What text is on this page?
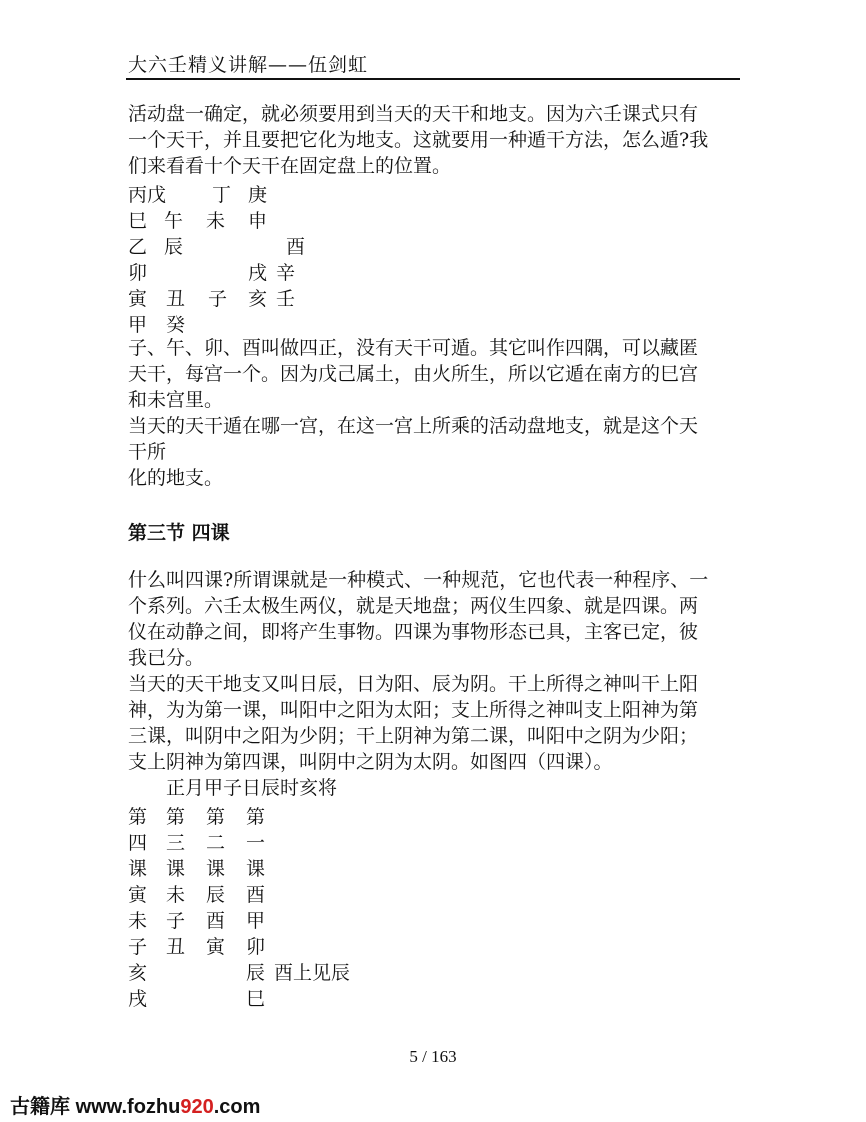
大六壬精义讲解——伍剑虹
活动盘一确定，就必须要用到当天的天干和地支。因为六壬课式只有
一个天干，并且要把它化为地支。这就要用一种遁干方法，怎么遁?我
们来看看十个天干在固定盘上的位置。
丙戊 丁 庚
巳 午 未 申
乙 辰	酉
卯	戌 辛
寅 丑 子 亥 壬
甲 癸
子、午、卯、酉叫做四正，没有天干可遁。其它叫作四隅，可以藏匿
天干，每宫一个。因为戊己属土，由火所生，所以它遁在南方的巳宫
和未宫里。
当天的天干遁在哪一宫，在这一宫上所乘的活动盘地支，就是这个天
干所
化的地支。
第三节 四课
什么叫四课?所谓课就是一种模式、一种规范，它也代表一种程序、一
个系列。六壬太极生两仪，就是天地盘；两仪生四象、就是四课。两
仪在动静之间，即将产生事物。四课为事物形态已具，主客已定，彼
我已分。
当天的天干地支又叫日辰，日为阳、辰为阴。干上所得之神叫干上阳
神，为为第一课，叫阳中之阳为太阳；支上所得之神叫支上阳神为第
三课，叫阴中之阳为少阴；干上阴神为第二课，叫阳中之阴为少阳；
支上阴神为第四课，叫阴中之阴为太阴。如图四（四课）。
正月甲子日辰时亥将
第 第 第 第
四 三 二 一
课 课 课 课
寅 未 辰 酉
未 子 酉 甲
子 丑 寅 卯
亥	辰 酉上见辰
戌	巳
5 / 163
古籍库 www.fozhu920.com
